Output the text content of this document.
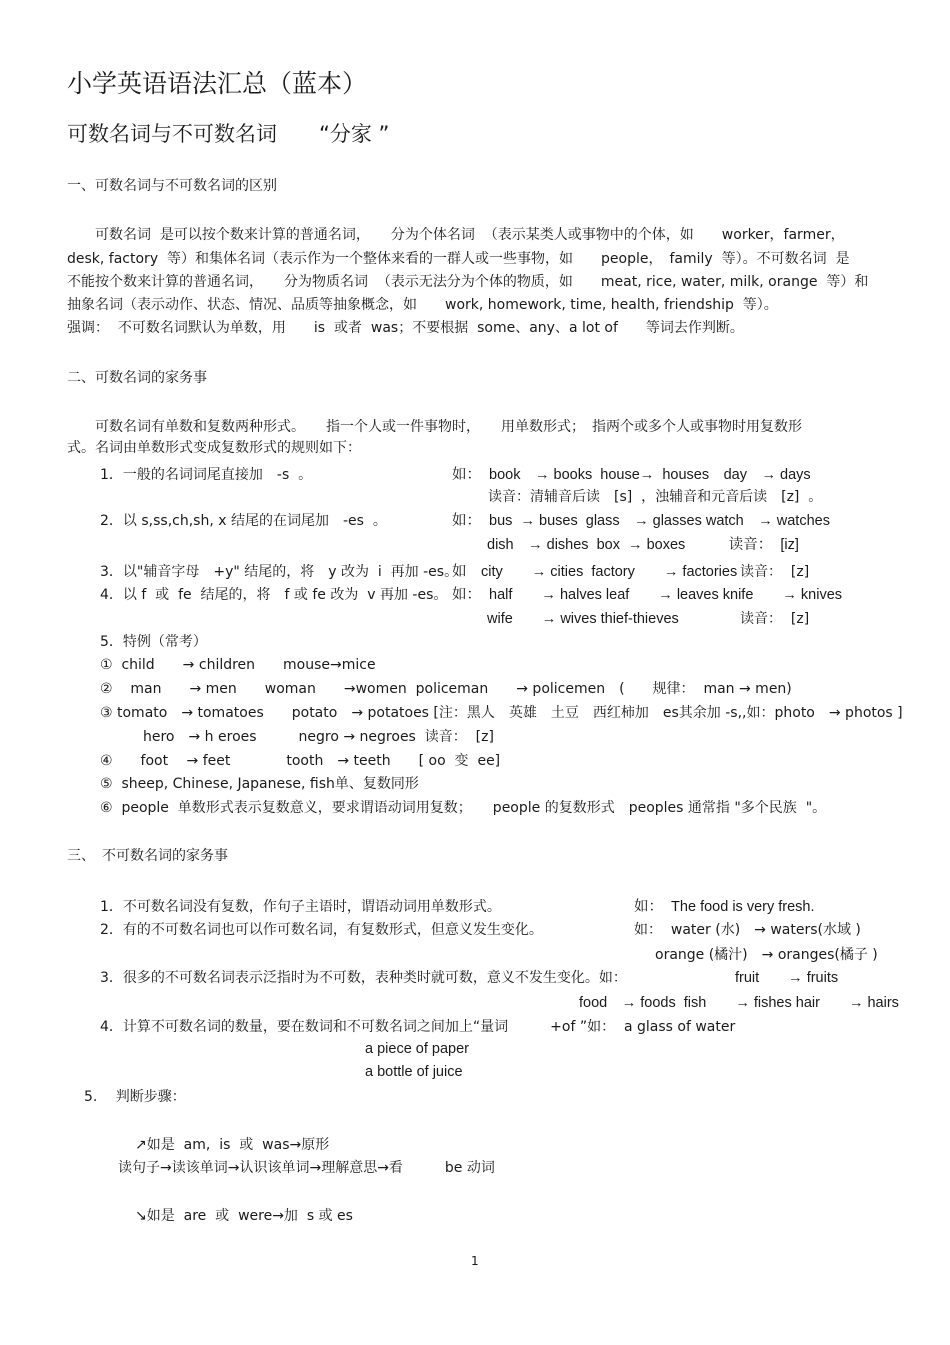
小学英语语法汇总（蓝本）
可数名词与不可数名词　　“分家 ”
一、可数名词与不可数名词的区别
　　可数名词  是可以按个数来计算的普通名词，　　分为个体名词  （表示某类人或事物中的个体，如　　worker，farmer，
desk, factory  等）和集体名词（表示作为一个整体来看的一群人或一些事物，如　　people，　family  等）。不可数名词  是
不能按个数来计算的普通名词，　　分为物质名词  （表示无法分为个体的物质，如　　meat, rice, water, milk, orange  等）和
抽象名词（表示动作、状态、情况、品质等抽象概念，如　　work, homework, time, health, friendship  等）。
强调：  不可数名词默认为单数，用　　is  或者  was；不要根据  some、any、a lot of　　等词去作判断。
二、可数名词的家务事
　　可数名词有单数和复数两种形式。　　指一个人或一件事物时，　　用单数形式；　指两个或多个人或事物时用复数形
式。名词由单数形式变成复数形式的规则如下：
1．一般的名词词尾直接加　-s  。	如：  book　→ books  house→  houses　day　→ days
读音：清辅音后读　[s]  ，浊辅音和元音后读　[z]  。
2．以 s,ss,ch,sh, x 结尾的在词尾加　-es  。	如：  bus  → buses  glass　→ glasses watch　→ watches
dish　→ dishes  box  → boxes　　　读音：  [iz]
3．以"辅音字母　+y" 结尾的，将　y 改为  i  再加 -es。
如　city　　→ cities  factory　　→ factories 读音：  [z]
4．以 f  或  fe  结尾的，将　f 或 fe 改为  v 再加 -es。 如：  half　　→ halves leaf　　→ leaves knife　　→ knives
wife　　→ wives thief-thieves	读音：  [z]
5．特例（常考）
①  child　　→ children　　mouse→mice
②    man　　→ men　　woman　　→women  policeman　　→ policemen　(　　规律：  man → men)
③ tomato　→ tomatoes　　potato　→ potatoes [注：黑人　英雄　土豆　西红柿加　es其余加 -s,,如：photo　→ photos ]
hero　→ h eroes　　　negro → negroes  读音：  [z]
④　　foot　 → feet　　　　tooth　→ teeth　　[ oo  变  ee]
⑤  sheep, Chinese, Japanese, fish单、复数同形
⑥  people  单数形式表示复数意义，要求谓语动词用复数；　　people 的复数形式　peoples 通常指 "多个民族  "。
三、　不可数名词的家务事
1．不可数名词没有复数，作句子主语时，谓语动词用单数形式。	如：  The food is very fresh.
2．有的不可数名词也可以作可数名词，有复数形式，但意义发生变化。	如：  water (水)　→ waters(水域 )
orange (橘汁)　→ oranges(橘子 )
3．很多的不可数名词表示泛指时为不可数，表种类时就可数，意义不发生变化。如：	fruit　　→ fruits
food　→ foods  fish　　→ fishes hair　　→ hairs
4．计算不可数名词的数量，要在数词和不可数名词之间加上“量词　　　+of ”如：  a glass of water
a piece of paper
a bottle of juice
5.　 判断步骤：
↗如是  am,  is  或  was→原形
读句子→读该单词→认识该单词→理解意思→看　　　be 动词
↘如是  are  或  were→加  s 或 es
1
